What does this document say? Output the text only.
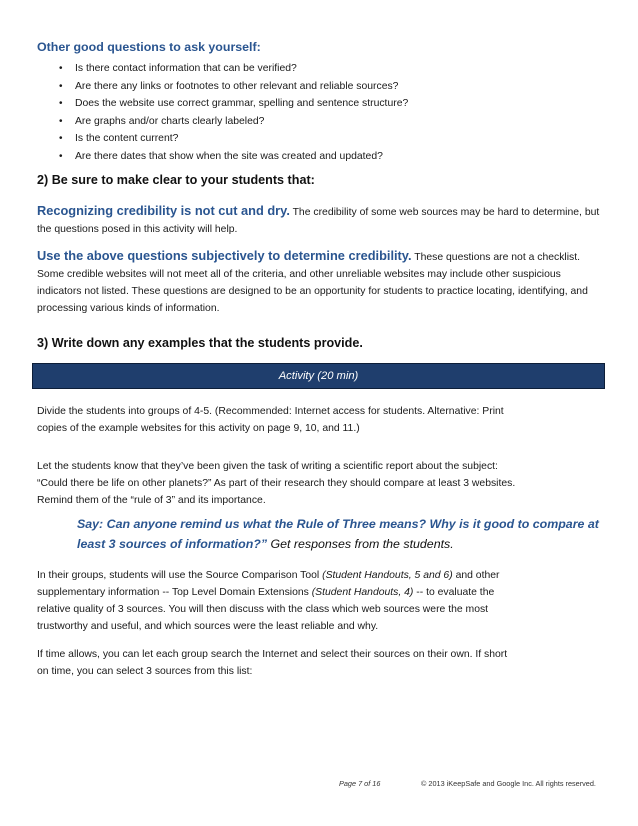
Other good questions to ask yourself:
• Is there contact information that can be verified?
• Are there any links or footnotes to other relevant and reliable sources?
• Does the website use correct grammar, spelling and sentence structure?
• Are graphs and/or charts clearly labeled?
• Is the content current?
• Are there dates that show when the site was created and updated?
2) Be sure to make clear to your students that:
Recognizing credibility is not cut and dry. The credibility of some web sources may be hard to determine, but the questions posed in this activity will help.
Use the above questions subjectively to determine credibility. These questions are not a checklist. Some credible websites will not meet all of the criteria, and other unreliable websites may include other suspicious indicators not listed. These questions are designed to be an opportunity for students to practice locating, identifying, and processing various kinds of information.
3) Write down any examples that the students provide.
Activity (20 min)
Divide the students into groups of 4-5. (Recommended: Internet access for students. Alternative: Print
copies of the example websites for this activity on page 9, 10, and 11.)
Let the students know that they’ve been given the task of writing a scientific report about the subject:
“Could there be life on other planets?” As part of their research they should compare at least 3 websites.
Remind them of the “rule of 3” and its importance.
Say: Can anyone remind us what the Rule of Three means? Why is it good to compare at
least 3 sources of information?” Get responses from the students.
In their groups, students will use the Source Comparison Tool (Student Handouts, 5 and 6) and other
supplementary information -- Top Level Domain Extensions (Student Handouts, 4) -- to evaluate the
relative quality of 3 sources. You will then discuss with the class which web sources were the most
trustworthy and useful, and which sources were the least reliable and why.
If time allows, you can let each group search the Internet and select their sources on their own. If short
on time, you can select 3 sources from this list:
Page 7 of 16	© 2013 iKeepSafe and Google Inc. All rights reserved.
